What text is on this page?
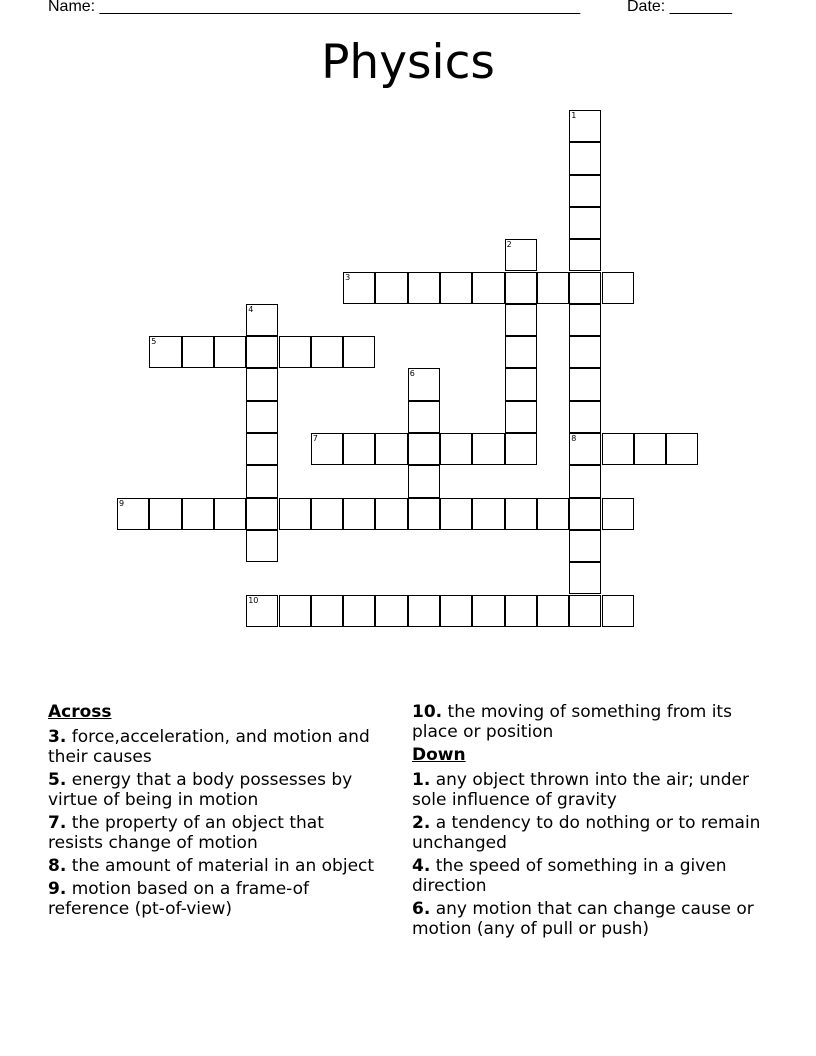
Name: ______________________________________________________	Date: _______
Physics
1
8
2
3
4
5
6
7
9
10
Across
3. force,acceleration, and motion and their causes
5. energy that a body possesses by virtue of being in motion
7. the property of an object that resists change of motion
8. the amount of material in an object
9. motion based on a frame-of reference (pt-of-view)
10. the moving of something from its place or position
Down
1. any object thrown into the air; under sole influence of gravity
2. a tendency to do nothing or to remain unchanged
4. the speed of something in a given direction
6. any motion that can change cause or motion (any of pull or push)
